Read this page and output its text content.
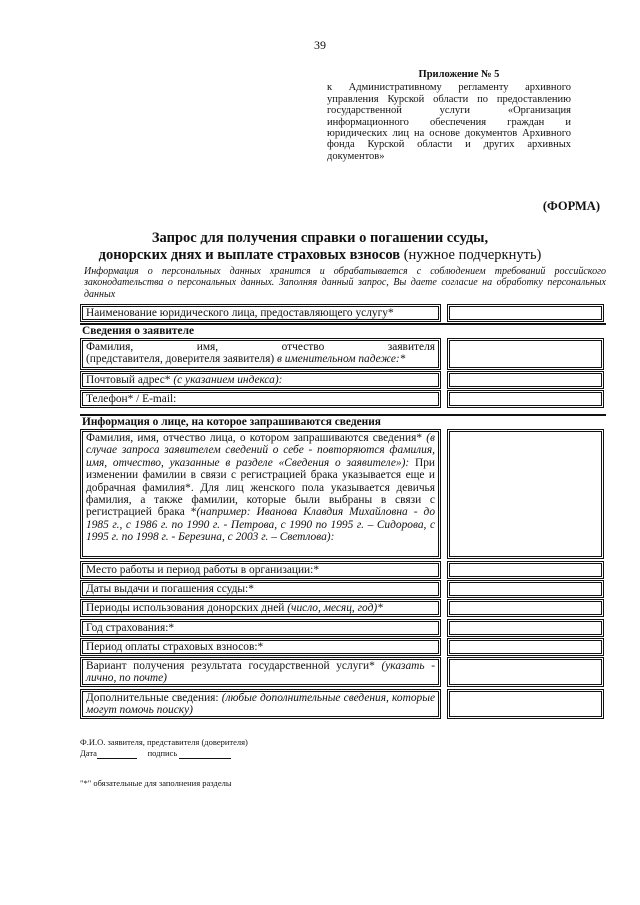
39
Приложение № 5
к Административному регламенту архивного управления Курской области по предоставлению государственной услуги «Организация информационного обеспечения граждан и юридических лиц на основе документов Архивного фонда Курской области и других архивных документов»
(ФОРМА)
Запрос для получения справки о погашении ссуды,
донорских днях и выплате страховых взносов (нужное подчеркнуть)
Информация о персональных данных хранится и обрабатывается с соблюдением требований российского законодательства о персональных данных. Заполняя данный запрос, Вы даете согласие на обработку персональных данных
Наименование юридического лица, предоставляющего услугу*
Сведения о заявителе
Фамилия,	имя,	отчество	заявителя
(представителя, доверителя заявителя) в именительном падеже:*
Почтовый адрес* (с указанием индекса):
Телефон* / E-mail:
Информация о лице, на которое запрашиваются сведения
Фамилия, имя, отчество лица, о котором запрашиваются сведения* (в случае запроса заявителем сведений о себе - повторяются фамилия, имя, отчество, указанные в разделе «Сведения о заявителе»): При изменении фамилии в связи с регистрацией брака указывается еще и добрачная фамилия*. Для лиц женского пола указывается девичья фамилия, а также фамилии, которые были выбраны в связи с регистрацией брака *(например: Иванова Клавдия Михайловна - до 1985 г., с 1986 г. по 1990 г. - Петрова, с 1990 по 1995 г. – Сидорова, с 1995 г. по 1998 г. - Березина, с 2003 г. – Светлова):
Место работы и период работы в организации:*
Даты выдачи и погашения ссуды:*
Периоды использования донорских дней (число, месяц, год)*
Год страхования:*
Период оплаты страховых взносов:*
Вариант получения результата государственной услуги* (указать - лично, по почте)
Дополнительные сведения: (любые дополнительные сведения, которые могут помочь поиску)
Ф.И.О. заявителя, представителя (доверителя)
Дата	подпись
"*" обязательные для заполнения разделы
